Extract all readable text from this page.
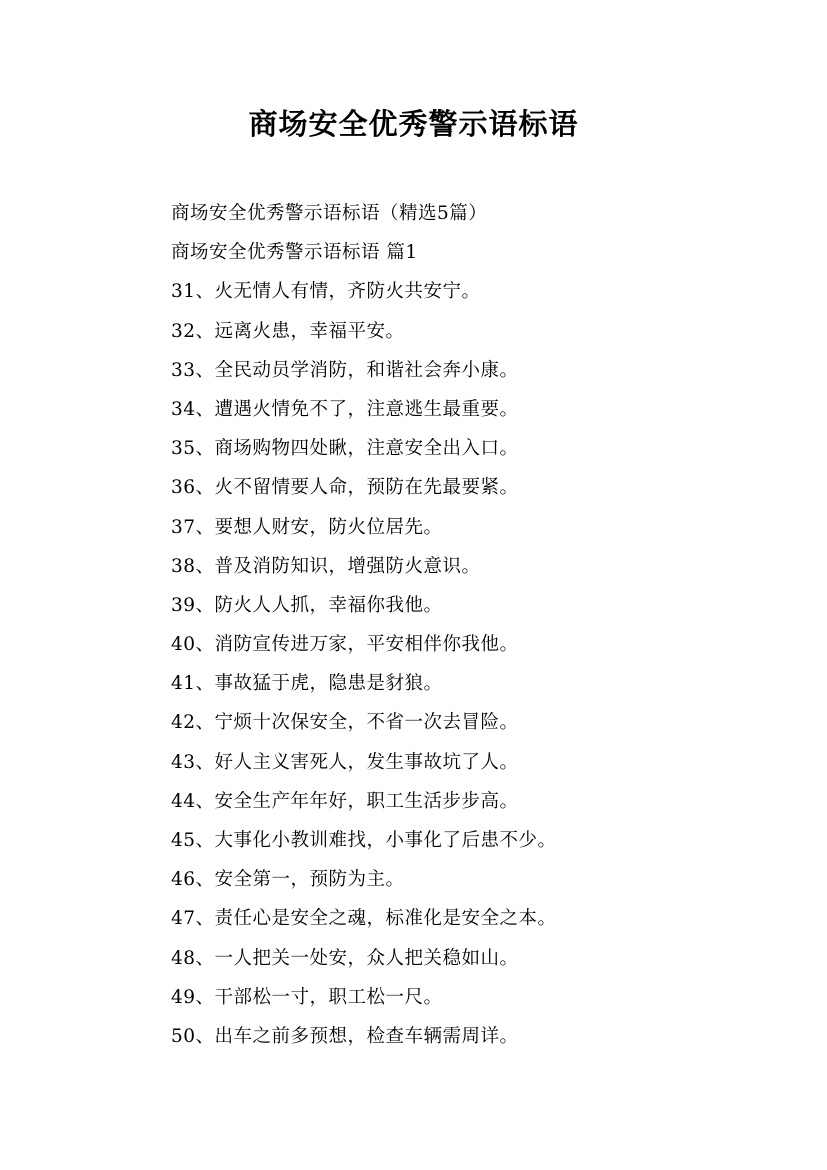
商场安全优秀警示语标语
商场安全优秀警示语标语（精选5篇）
商场安全优秀警示语标语 篇1
31、火无情人有情，齐防火共安宁。
32、远离火患，幸福平安。
33、全民动员学消防，和谐社会奔小康。
34、遭遇火情免不了，注意逃生最重要。
35、商场购物四处瞅，注意安全出入口。
36、火不留情要人命，预防在先最要紧。
37、要想人财安，防火位居先。
38、普及消防知识，增强防火意识。
39、防火人人抓，幸福你我他。
40、消防宣传进万家，平安相伴你我他。
41、事故猛于虎，隐患是豺狼。
42、宁烦十次保安全，不省一次去冒险。
43、好人主义害死人，发生事故坑了人。
44、安全生产年年好，职工生活步步高。
45、大事化小教训难找，小事化了后患不少。
46、安全第一，预防为主。
47、责任心是安全之魂，标准化是安全之本。
48、一人把关一处安，众人把关稳如山。
49、干部松一寸，职工松一尺。
50、出车之前多预想，检查车辆需周详。
